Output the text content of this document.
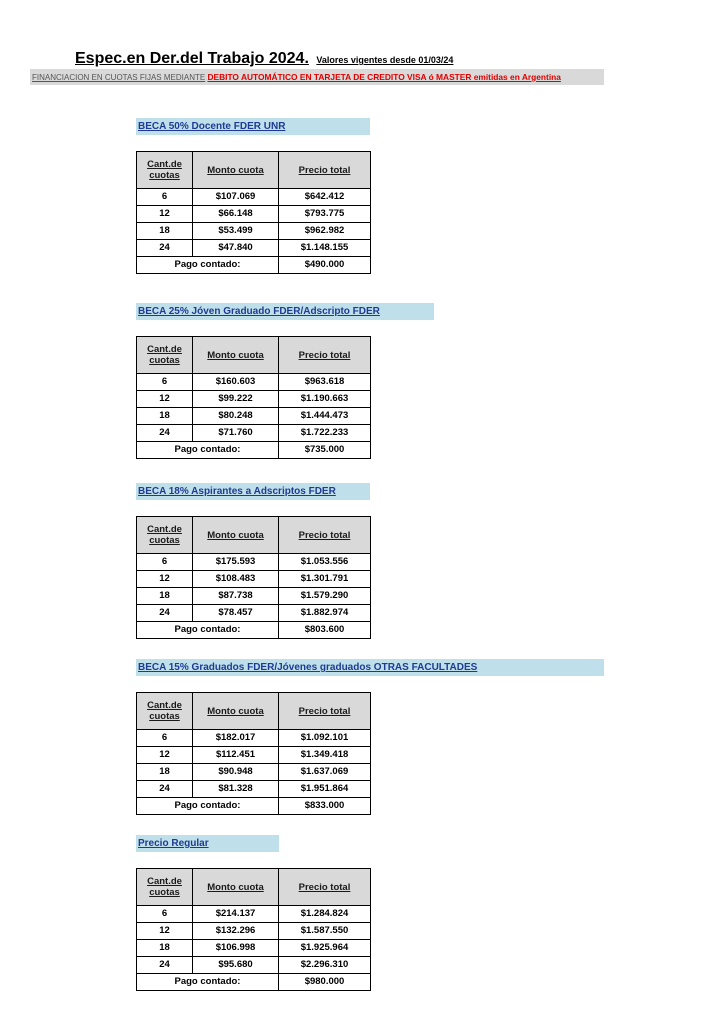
Espec.en Der.del Trabajo 2024. Valores vigentes desde 01/03/24
FINANCIACION EN CUOTAS FIJAS MEDIANTE DEBITO AUTOMÁTICO EN TARJETA DE CREDITO VISA ó MASTER emitidas en Argentina
BECA 50% Docente FDER UNR
Cant.de cuotas	Monto cuota	Precio total
6	$107.069	$642.412
12	$66.148	$793.775
18	$53.499	$962.982
24	$47.840	$1.148.155
Pago contado:		$490.000
BECA 25% Jóven Graduado FDER/Adscripto FDER
Cant.de cuotas	Monto cuota	Precio total
6	$160.603	$963.618
12	$99.222	$1.190.663
18	$80.248	$1.444.473
24	$71.760	$1.722.233
Pago contado:		$735.000
BECA 18% Aspirantes a Adscriptos FDER
Cant.de cuotas	Monto cuota	Precio total
6	$175.593	$1.053.556
12	$108.483	$1.301.791
18	$87.738	$1.579.290
24	$78.457	$1.882.974
Pago contado:		$803.600
BECA 15% Graduados FDER/Jóvenes graduados OTRAS FACULTADES
Cant.de cuotas	Monto cuota	Precio total
6	$182.017	$1.092.101
12	$112.451	$1.349.418
18	$90.948	$1.637.069
24	$81.328	$1.951.864
Pago contado:		$833.000
Precio Regular
Cant.de cuotas	Monto cuota	Precio total
6	$214.137	$1.284.824
12	$132.296	$1.587.550
18	$106.998	$1.925.964
24	$95.680	$2.296.310
Pago contado:		$980.000
